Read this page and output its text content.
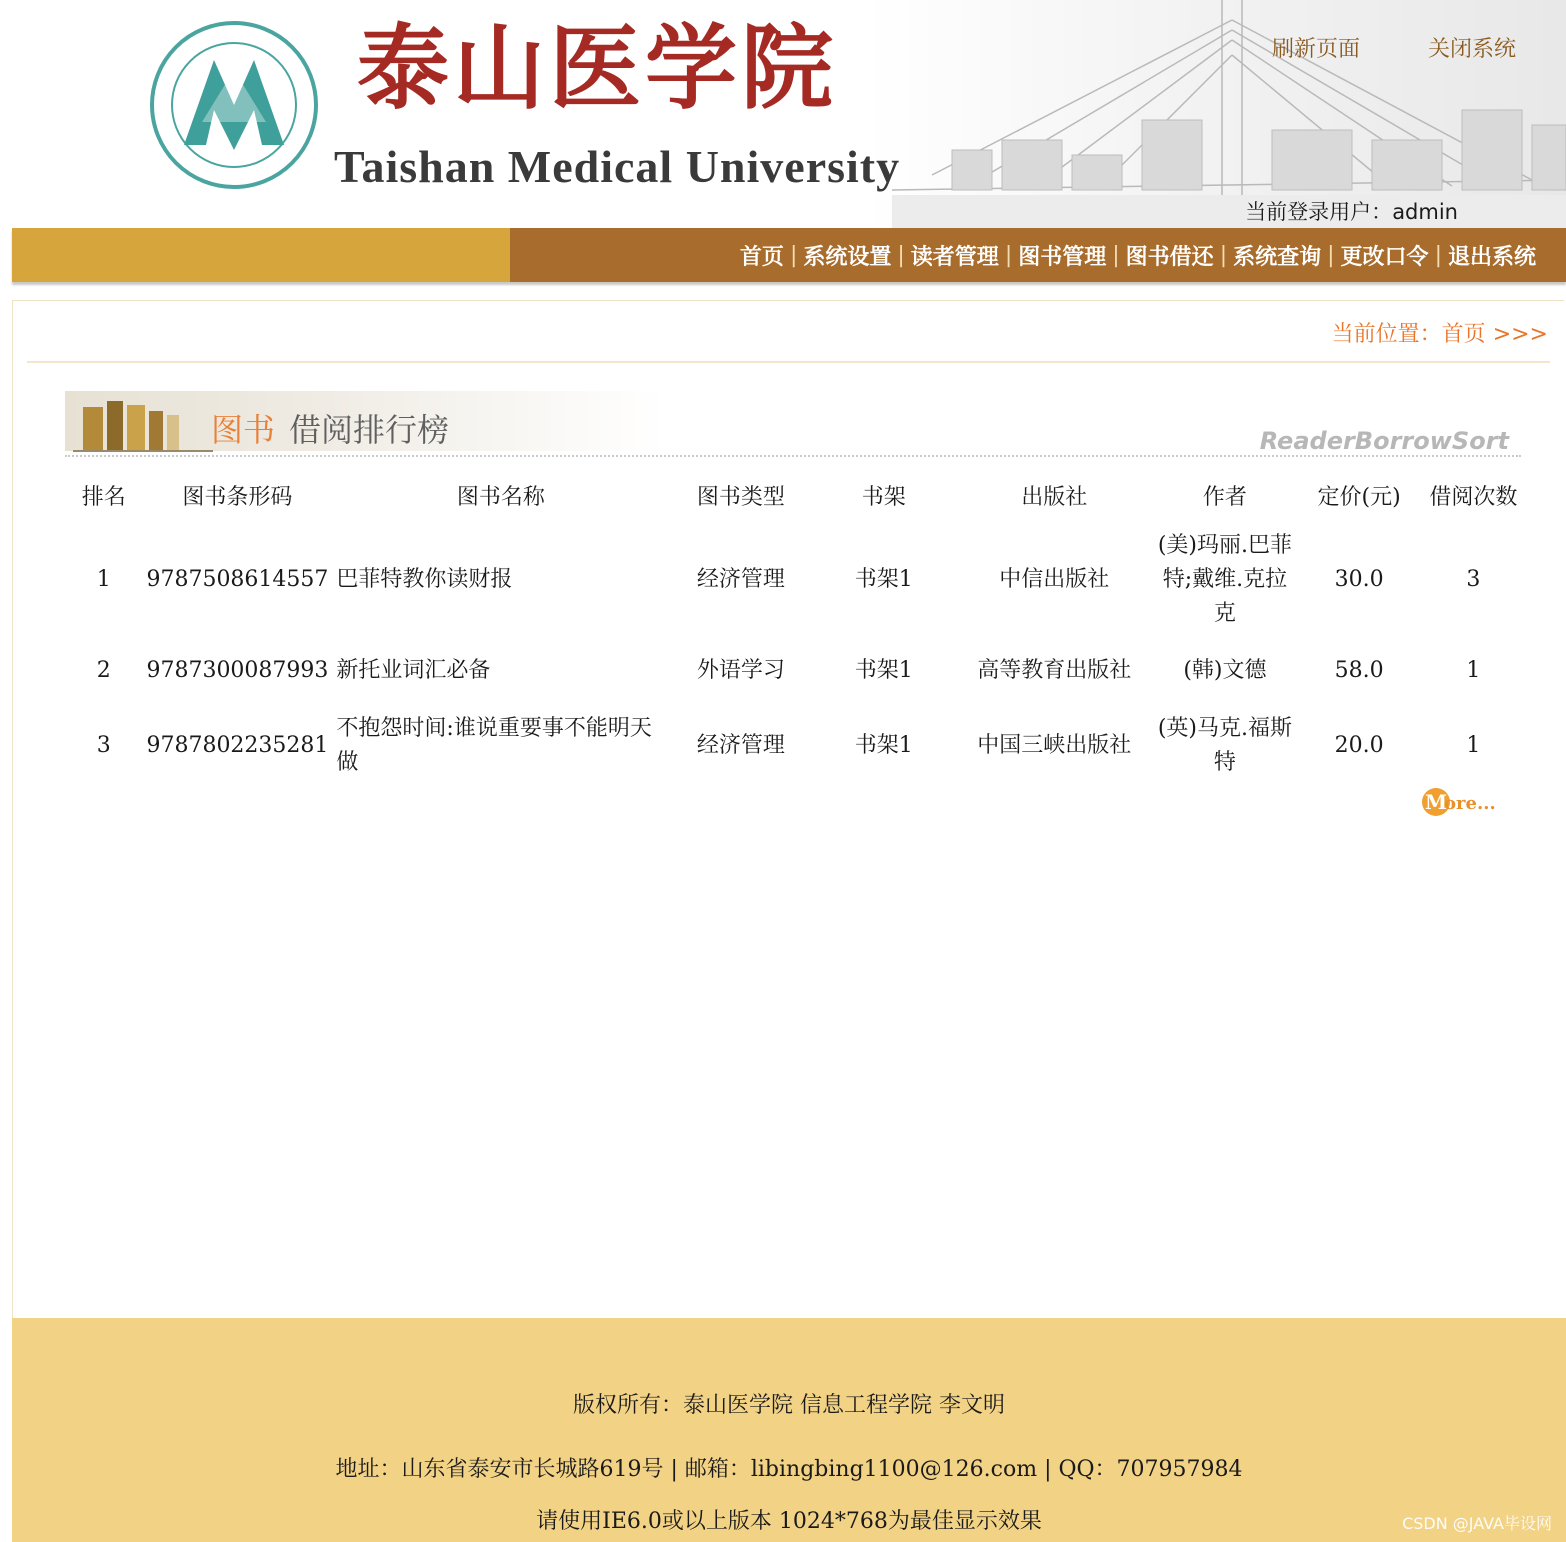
泰山医学院
Taishan Medical University
刷新页面	关闭系统
当前登录用户：admin
首页 | 系统设置 | 读者管理 | 图书管理 | 图书借还 | 系统查询 | 更改口令 | 退出系统
当前位置：首页 >>>
图书 借阅排行榜	ReaderBorrowSort
排名	图书条形码	图书名称	图书类型	书架	出版社	作者	定价(元)	借阅次数
1	9787508614557	巴菲特教你读财报	经济管理	书架1	中信出版社	(美)玛丽.巴菲特;戴维.克拉克	30.0	3
2	9787300087993	新托业词汇必备	外语学习	书架1	高等教育出版社	(韩)文德	58.0	1
3	9787802235281	不抱怨时间:谁说重要事不能明天做	经济管理	书架1	中国三峡出版社	(英)马克.福斯特	20.0	1
M
ore...
版权所有：泰山医学院 信息工程学院 李文明
地址：山东省泰安市长城路619号 | 邮箱：libingbing1100@126.com | QQ：707957984
请使用IE6.0或以上版本 1024*768为最佳显示效果	CSDN @JAVA毕设网
